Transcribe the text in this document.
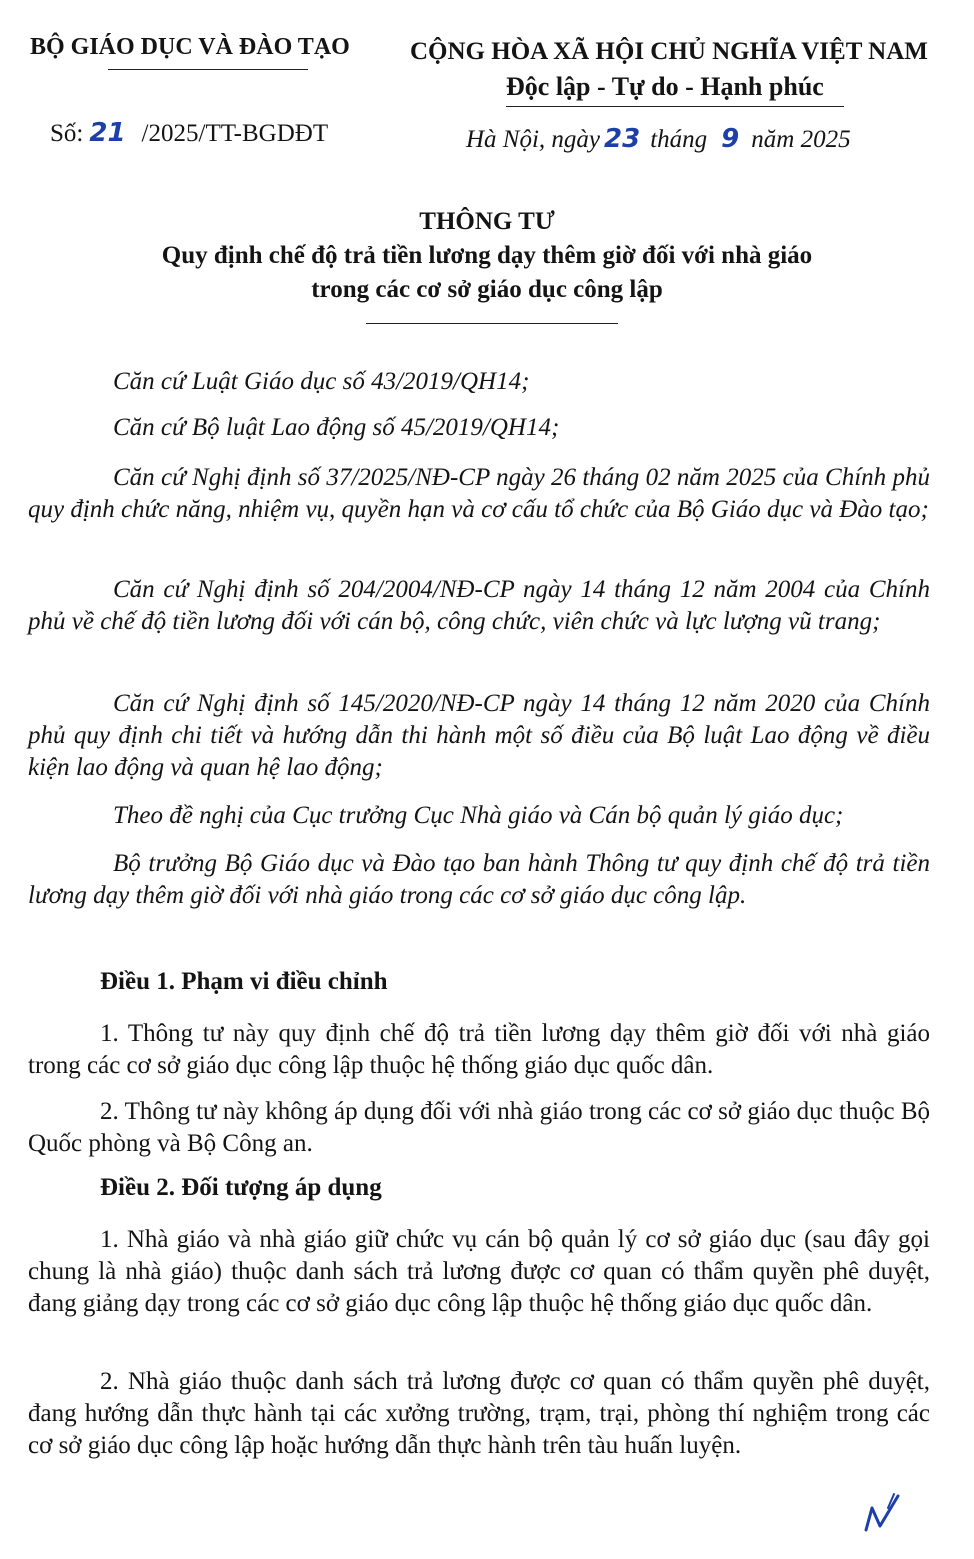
BỘ GIÁO DỤC VÀ ĐÀO TẠO CỘNG HÒA XÃ HỘI CHỦ NGHĨA VIỆT NAM
Độc lập - Tự do - Hạnh phúc
Số: 21 /2025/TT-BGDĐT	Hà Nội, ngày 23 tháng 9 năm 2025
THÔNG TƯ
Quy định chế độ trả tiền lương dạy thêm giờ đối với nhà giáo
trong các cơ sở giáo dục công lập
Căn cứ Luật Giáo dục số 43/2019/QH14;
Căn cứ Bộ luật Lao động số 45/2019/QH14;
Căn cứ Nghị định số 37/2025/NĐ-CP ngày 26 tháng 02 năm 2025 của Chính phủ quy định chức năng, nhiệm vụ, quyền hạn và cơ cấu tổ chức của Bộ Giáo dục và Đào tạo;
Căn cứ Nghị định số 204/2004/NĐ-CP ngày 14 tháng 12 năm 2004 của Chính phủ về chế độ tiền lương đối với cán bộ, công chức, viên chức và lực lượng vũ trang;
Căn cứ Nghị định số 145/2020/NĐ-CP ngày 14 tháng 12 năm 2020 của Chính phủ quy định chi tiết và hướng dẫn thi hành một số điều của Bộ luật Lao động về điều kiện lao động và quan hệ lao động;
Theo đề nghị của Cục trưởng Cục Nhà giáo và Cán bộ quản lý giáo dục;
Bộ trưởng Bộ Giáo dục và Đào tạo ban hành Thông tư quy định chế độ trả tiền lương dạy thêm giờ đối với nhà giáo trong các cơ sở giáo dục công lập.
Điều 1. Phạm vi điều chỉnh
1. Thông tư này quy định chế độ trả tiền lương dạy thêm giờ đối với nhà giáo trong các cơ sở giáo dục công lập thuộc hệ thống giáo dục quốc dân.
2. Thông tư này không áp dụng đối với nhà giáo trong các cơ sở giáo dục thuộc Bộ Quốc phòng và Bộ Công an.
Điều 2. Đối tượng áp dụng
1. Nhà giáo và nhà giáo giữ chức vụ cán bộ quản lý cơ sở giáo dục (sau đây gọi chung là nhà giáo) thuộc danh sách trả lương được cơ quan có thẩm quyền phê duyệt, đang giảng dạy trong các cơ sở giáo dục công lập thuộc hệ thống giáo dục quốc dân.
2. Nhà giáo thuộc danh sách trả lương được cơ quan có thẩm quyền phê duyệt, đang hướng dẫn thực hành tại các xưởng trường, trạm, trại, phòng thí nghiệm trong các cơ sở giáo dục công lập hoặc hướng dẫn thực hành trên tàu huấn luyện.
